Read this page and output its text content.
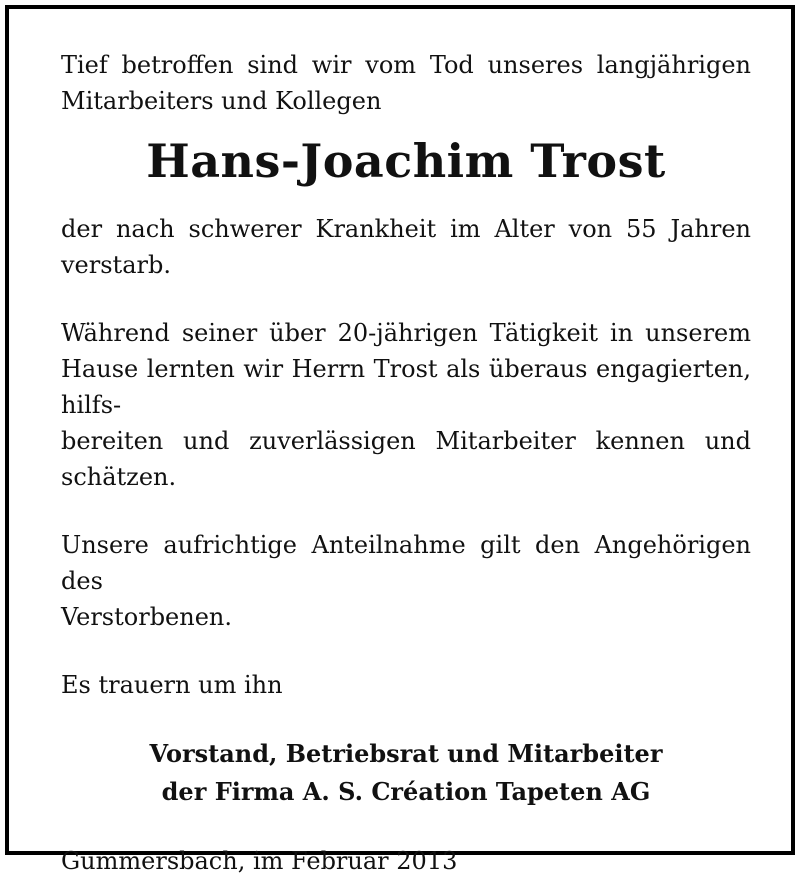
Tief betroffen sind wir vom Tod unseres langjährigen
Mitarbeiters und Kollegen

Hans-Joachim Trost

der nach schwerer Krankheit im Alter von 55 Jahren
verstarb.

Während seiner über 20-jährigen Tätigkeit in unserem
Hause lernten wir Herrn Trost als überaus engagierten, hilfs-
bereiten und zuverlässigen Mitarbeiter kennen und schätzen.

Unsere aufrichtige Anteilnahme gilt den Angehörigen des
Verstorbenen.

Es trauern um ihn

Vorstand, Betriebsrat und Mitarbeiter
der Firma A. S. Création Tapeten AG

Gummersbach, im Februar 2013
